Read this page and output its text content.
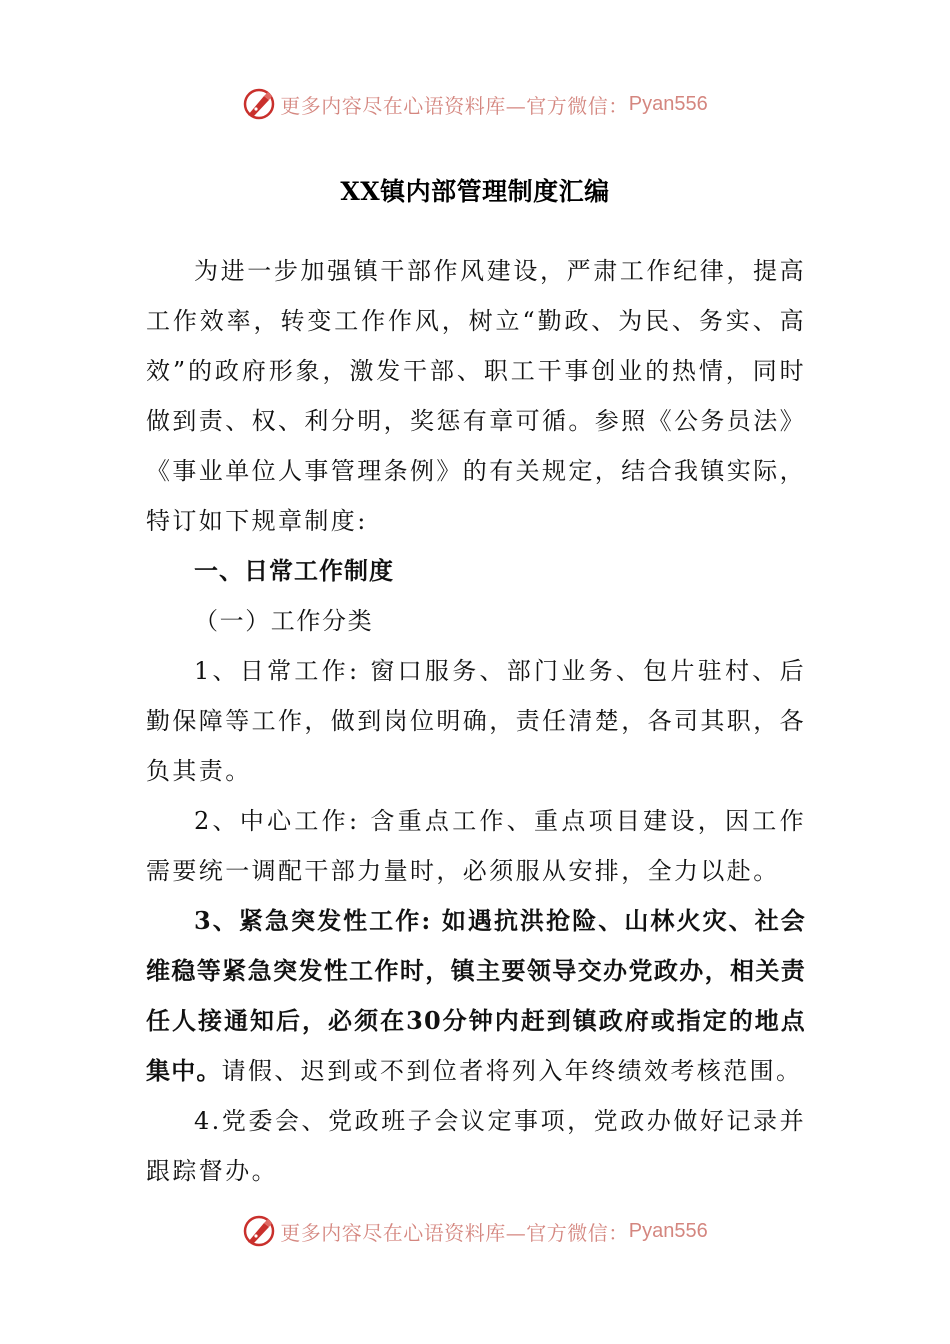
更多内容尽在心语资料库—官方微信： Pyan556
XX镇内部管理制度汇编

为进一步加强镇干部作风建设，严肃工作纪律，提高工作效率，转变工作作风，树立“勤政、为民、务实、高效”的政府形象，激发干部、职工干事创业的热情，同时做到责、权、利分明，奖惩有章可循。参照《公务员法》《事业单位人事管理条例》的有关规定，结合我镇实际，特订如下规章制度:

一、日常工作制度

（一）工作分类

1、日常工作: 窗口服务、部门业务、包片驻村、后勤保障等工作，做到岗位明确，责任清楚，各司其职，各负其责。

2、中心工作: 含重点工作、重点项目建设，因工作需要统一调配干部力量时，必须服从安排，全力以赴。

3、紧急突发性工作: 如遇抗洪抢险、山林火灾、社会维稳等紧急突发性工作时，镇主要领导交办党政办，相关责任人接通知后，必须在30分钟内赶到镇政府或指定的地点集中。请假、迟到或不到位者将列入年终绩效考核范围。

4.党委会、党政班子会议定事项，党政办做好记录并跟踪督办。

更多内容尽在心语资料库—官方微信： Pyan556
